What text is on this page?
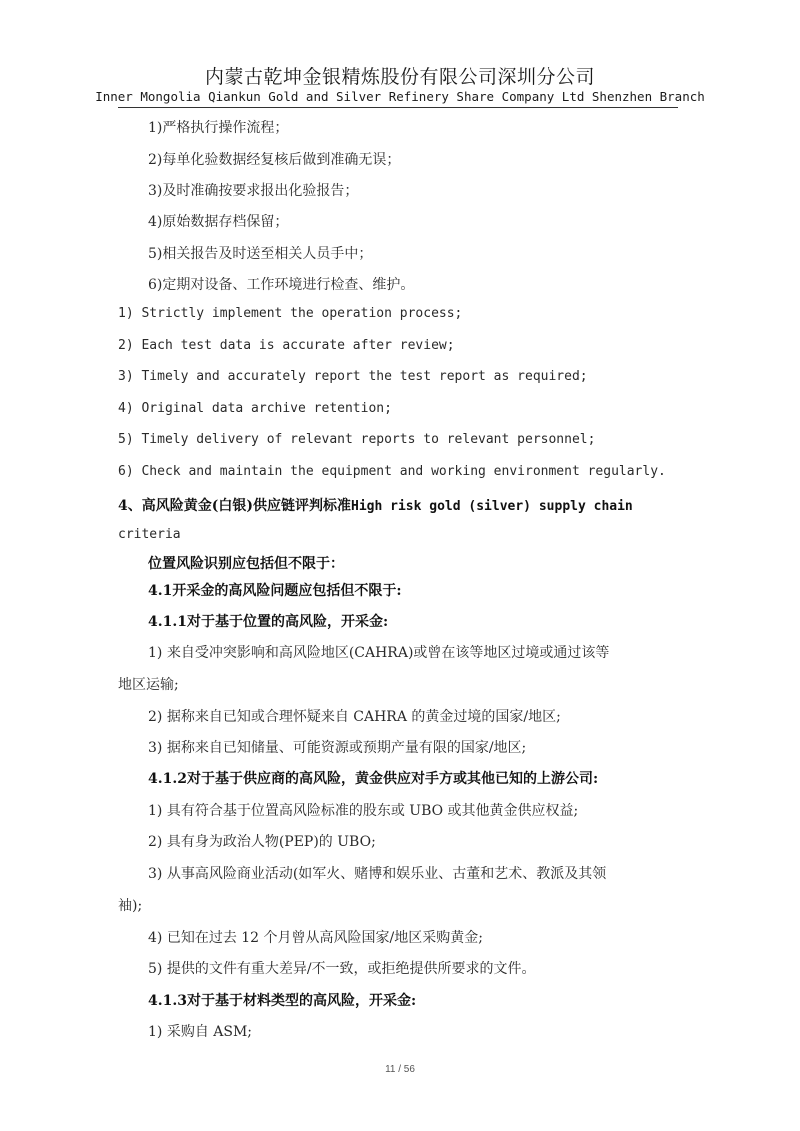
内蒙古乾坤金银精炼股份有限公司深圳分公司
Inner Mongolia Qiankun Gold and Silver Refinery Share Company Ltd Shenzhen Branch
1)严格执行操作流程；
2)每单化验数据经复核后做到准确无误；
3)及时准确按要求报出化验报告；
4)原始数据存档保留；
5)相关报告及时送至相关人员手中；
6)定期对设备、工作环境进行检查、维护。
1) Strictly implement the operation process;
2) Each test data is accurate after review;
3) Timely and accurately report the test report as required;
4) Original data archive retention;
5) Timely delivery of relevant reports to relevant personnel;
6) Check and maintain the equipment and working environment regularly.
4、高风险黄金(白银)供应链评判标准High risk gold (silver) supply chain
criteria
位置风险识别应包括但不限于：
4.1开采金的高风险问题应包括但不限于:
4.1.1对于基于位置的高风险，开采金:
1) 来自受冲突影响和高风险地区(CAHRA)或曾在该等地区过境或通过该等
地区运输;
2) 据称来自已知或合理怀疑来自 CAHRA 的黄金过境的国家/地区;
3) 据称来自已知储量、可能资源或预期产量有限的国家/地区;
4.1.2对于基于供应商的高风险，黄金供应对手方或其他已知的上游公司:
1) 具有符合基于位置高风险标准的股东或 UBO 或其他黄金供应权益;
2) 具有身为政治人物(PEP)的 UBO;
3) 从事高风险商业活动(如军火、赌博和娱乐业、古董和艺术、教派及其领
袖);
4) 已知在过去 12 个月曾从高风险国家/地区采购黄金;
5) 提供的文件有重大差异/不一致，或拒绝提供所要求的文件。
4.1.3对于基于材料类型的高风险，开采金:
1) 采购自 ASM;
11 / 56
